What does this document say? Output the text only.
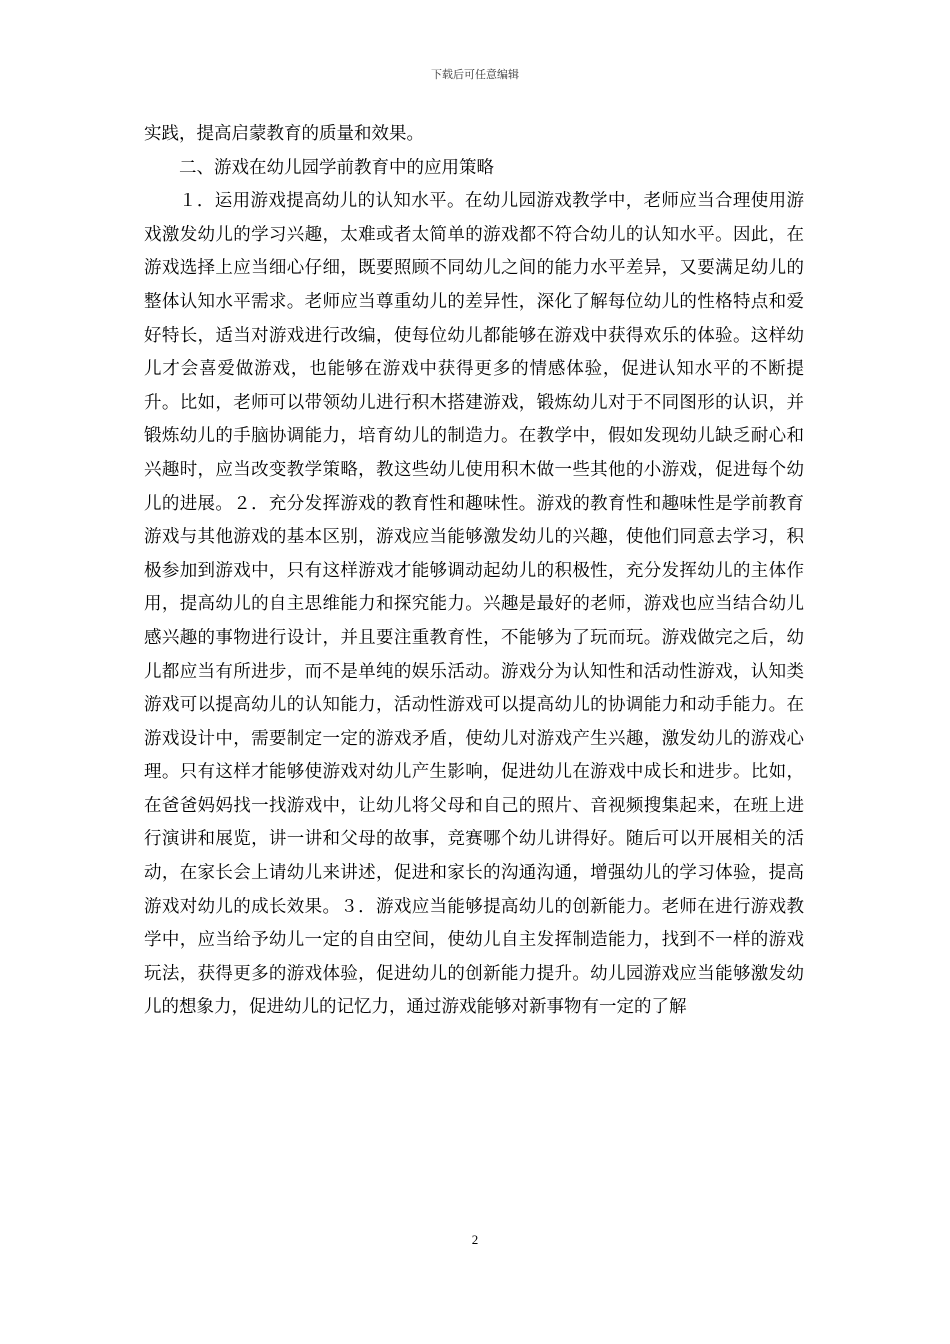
下载后可任意编辑

实践，提高启蒙教育的质量和效果。

二、游戏在幼儿园学前教育中的应用策略

１．运用游戏提高幼儿的认知水平。在幼儿园游戏教学中，老师应当合理使用游戏激发幼儿的学习兴趣，太难或者太简单的游戏都不符合幼儿的认知水平。因此，在游戏选择上应当细心仔细，既要照顾不同幼儿之间的能力水平差异，又要满足幼儿的整体认知水平需求。老师应当尊重幼儿的差异性，深化了解每位幼儿的性格特点和爱好特长，适当对游戏进行改编，使每位幼儿都能够在游戏中获得欢乐的体验。这样幼儿才会喜爱做游戏，也能够在游戏中获得更多的情感体验，促进认知水平的不断提升。比如，老师可以带领幼儿进行积木搭建游戏，锻炼幼儿对于不同图形的认识，并锻炼幼儿的手脑协调能力，培育幼儿的制造力。在教学中，假如发现幼儿缺乏耐心和兴趣时，应当改变教学策略，教这些幼儿使用积木做一些其他的小游戏，促进每个幼儿的进展。２．充分发挥游戏的教育性和趣味性。游戏的教育性和趣味性是学前教育游戏与其他游戏的基本区别，游戏应当能够激发幼儿的兴趣，使他们同意去学习，积极参加到游戏中，只有这样游戏才能够调动起幼儿的积极性，充分发挥幼儿的主体作用，提高幼儿的自主思维能力和探究能力。兴趣是最好的老师，游戏也应当结合幼儿感兴趣的事物进行设计，并且要注重教育性，不能够为了玩而玩。游戏做完之后，幼儿都应当有所进步，而不是单纯的娱乐活动。游戏分为认知性和活动性游戏，认知类游戏可以提高幼儿的认知能力，活动性游戏可以提高幼儿的协调能力和动手能力。在游戏设计中，需要制定一定的游戏矛盾，使幼儿对游戏产生兴趣，激发幼儿的游戏心理。只有这样才能够使游戏对幼儿产生影响，促进幼儿在游戏中成长和进步。比如，在爸爸妈妈找一找游戏中，让幼儿将父母和自己的照片、音视频搜集起来，在班上进行演讲和展览，讲一讲和父母的故事，竞赛哪个幼儿讲得好。随后可以开展相关的活动，在家长会上请幼儿来讲述，促进和家长的沟通沟通，增强幼儿的学习体验，提高游戏对幼儿的成长效果。３．游戏应当能够提高幼儿的创新能力。老师在进行游戏教学中，应当给予幼儿一定的自由空间，使幼儿自主发挥制造能力，找到不一样的游戏玩法，获得更多的游戏体验，促进幼儿的创新能力提升。幼儿园游戏应当能够激发幼儿的想象力，促进幼儿的记忆力，通过游戏能够对新事物有一定的了解

2
